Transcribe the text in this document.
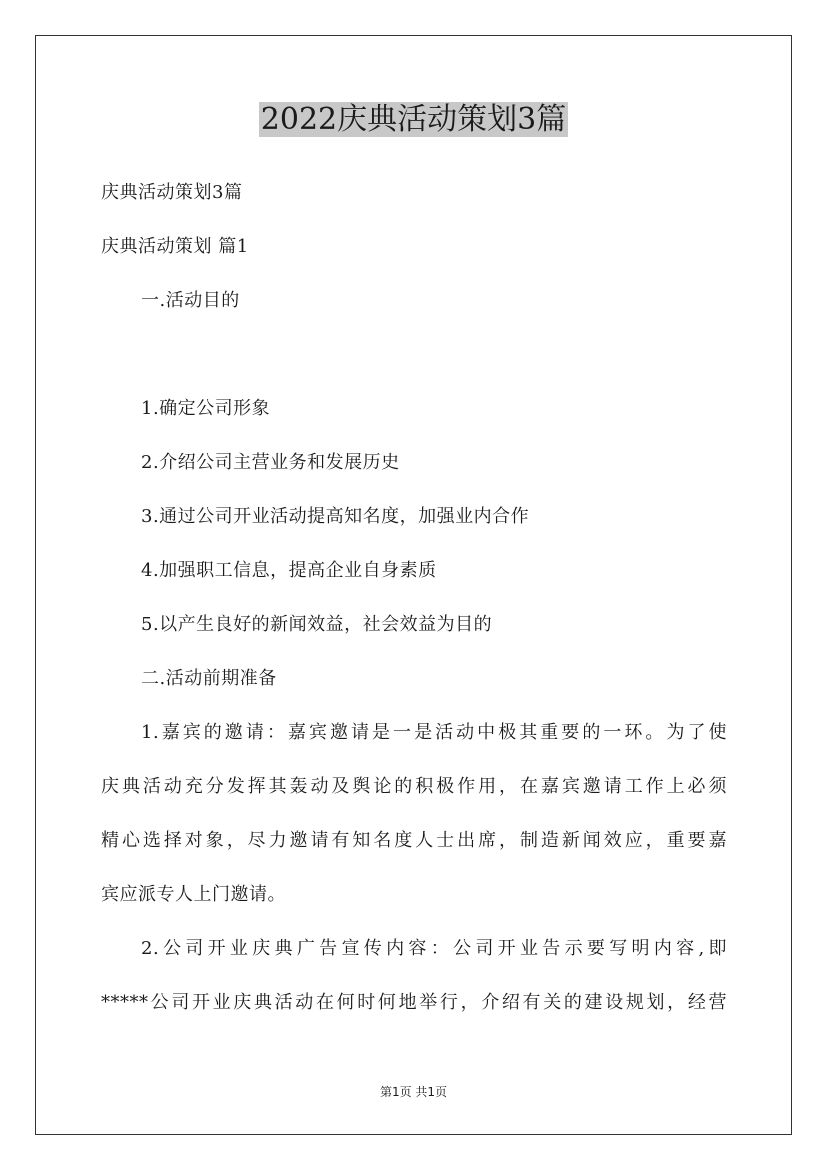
2022庆典活动策划3篇

庆典活动策划3篇

庆典活动策划 篇1

一.活动目的

1.确定公司形象

2.介绍公司主营业务和发展历史

3.通过公司开业活动提高知名度，加强业内合作

4.加强职工信息，提高企业自身素质

5.以产生良好的新闻效益，社会效益为目的

二.活动前期准备

1.嘉宾的邀请：嘉宾邀请是一是活动中极其重要的一环。为了使

庆典活动充分发挥其轰动及舆论的积极作用，在嘉宾邀请工作上必须

精心选择对象，尽力邀请有知名度人士出席，制造新闻效应，重要嘉

宾应派专人上门邀请。

2.公司开业庆典广告宣传内容：公司开业告示要写明内容,即

*****公司开业庆典活动在何时何地举行，介绍有关的建设规划，经营

第1页 共1页
